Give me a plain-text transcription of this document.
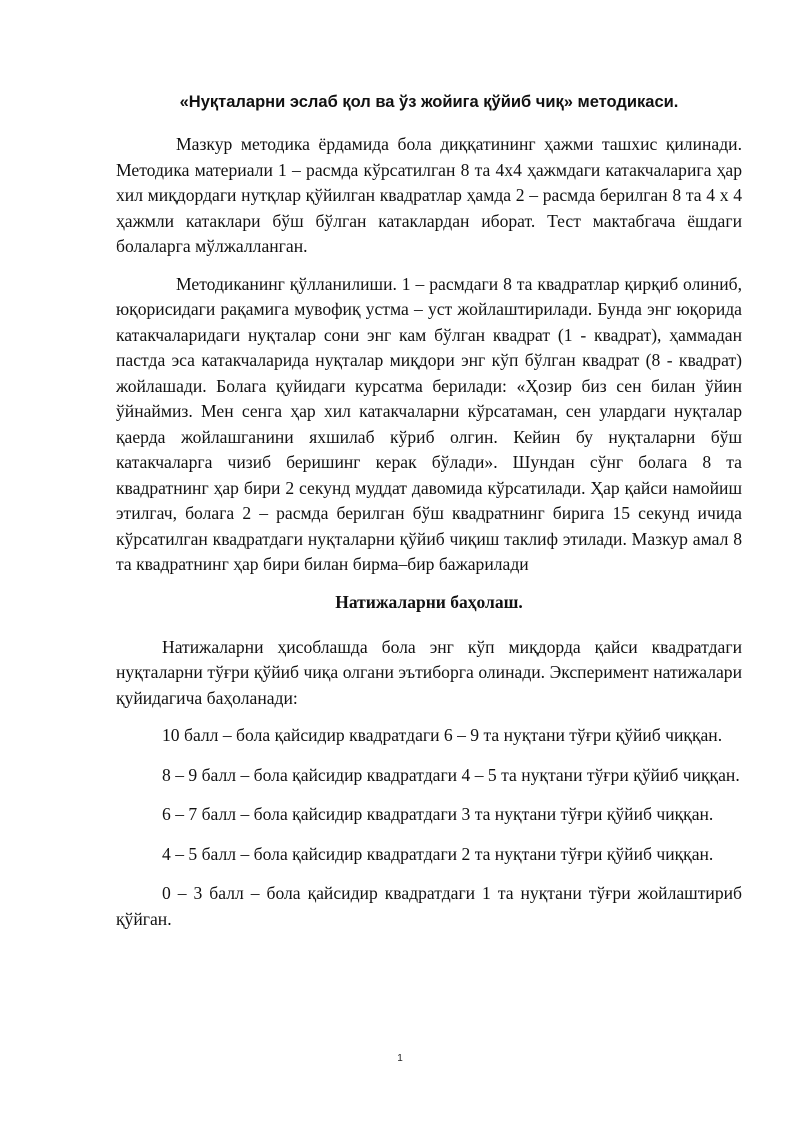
«Нуқталарни эслаб қол ва ўз жойига қўйиб чиқ» методикаси.

Мазкур методика ёрдамида бола диққатининг ҳажми ташхис қилинади. Методика материали 1 – расмда кўрсатилган 8 та 4х4 ҳажмдаги катакчаларига ҳар хил миқдордаги нутқлар қўйилган квадратлар ҳамда 2 – расмда берилган 8 та 4 х 4 ҳажмли катаклари бўш бўлган катаклардан иборат. Тест мактабгача ёшдаги болаларга мўлжалланган.

Методиканинг қўлланилиши. 1 – расмдаги 8 та квадратлар қирқиб олиниб, юқорисидаги рақамига мувофиқ устма – уст жойлаштирилади. Бунда энг юқорида катакчаларидаги нуқталар сони энг кам бўлган квадрат (1 - квадрат), ҳаммадан пастда эса катакчаларида нуқталар миқдори энг кўп бўлган квадрат (8 - квадрат) жойлашади. Болага қуйидаги курсатма берилади: «Ҳозир биз сен билан ўйин ўйнаймиз. Мен сенга ҳар хил катакчаларни кўрсатаман, сен улардаги нуқталар қаерда жойлашганини яхшилаб кўриб олгин. Кейин бу нуқталарни бўш катакчаларга чизиб беришинг керак бўлади». Шундан сўнг болага 8 та квадратнинг ҳар бири 2 секунд муддат давомида кўрсатилади. Ҳар қайси намойиш этилгач, болага 2 – расмда берилган бўш квадратнинг бирига 15 секунд ичида кўрсатилган квадратдаги нуқталарни қўйиб чиқиш таклиф этилади. Мазкур амал 8 та квадратнинг ҳар бири билан бирма–бир бажарилади

Натижаларни баҳолаш.

Натижаларни ҳисоблашда бола энг кўп миқдорда қайси квадратдаги нуқталарни тўғри қўйиб чиқа олгани эътиборга олинади. Эксперимент натижалари қуйидагича баҳоланади:

10 балл – бола қайсидир квадратдаги 6 – 9 та нуқтани тўғри қўйиб чиққан.

8 – 9 балл – бола қайсидир квадратдаги 4 – 5 та нуқтани тўғри қўйиб чиққан.

6 – 7 балл – бола қайсидир квадратдаги 3 та нуқтани тўғри қўйиб чиққан.

4 – 5 балл – бола қайсидир квадратдаги 2 та нуқтани тўғри қўйиб чиққан.

0 – 3 балл – бола қайсидир квадратдаги 1 та нуқтани тўғри жойлаштириб қўйган.

1
